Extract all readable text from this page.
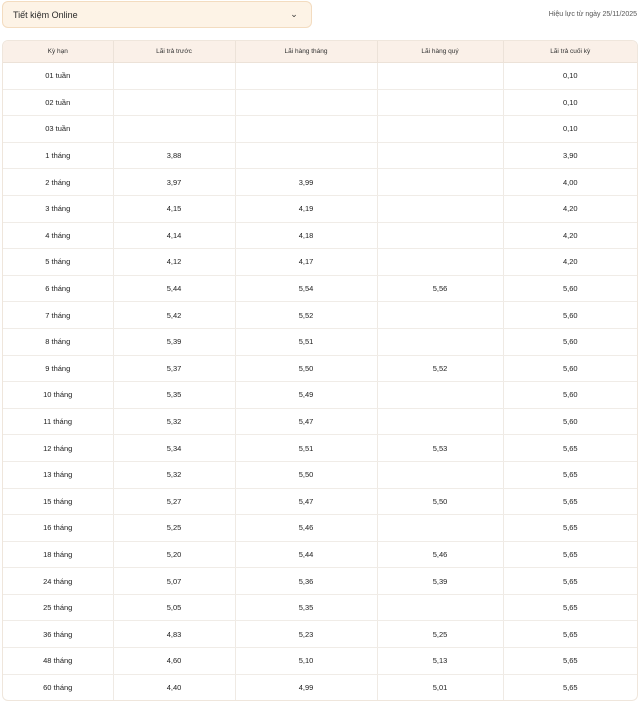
Tiết kiệm Online	⌄	Hiệu lực từ ngày 25/11/2025
Kỳ hạn	Lãi trả trước	Lãi hàng tháng	Lãi hàng quý	Lãi trả cuối kỳ
01 tuần				0,10
02 tuần				0,10
03 tuần				0,10
1 tháng	3,88			3,90
2 tháng	3,97	3,99		4,00
3 tháng	4,15	4,19		4,20
4 tháng	4,14	4,18		4,20
5 tháng	4,12	4,17		4,20
6 tháng	5,44	5,54	5,56	5,60
7 tháng	5,42	5,52		5,60
8 tháng	5,39	5,51		5,60
9 tháng	5,37	5,50	5,52	5,60
10 tháng	5,35	5,49		5,60
11 tháng	5,32	5,47		5,60
12 tháng	5,34	5,51	5,53	5,65
13 tháng	5,32	5,50		5,65
15 tháng	5,27	5,47	5,50	5,65
16 tháng	5,25	5,46		5,65
18 tháng	5,20	5,44	5,46	5,65
24 tháng	5,07	5,36	5,39	5,65
25 tháng	5,05	5,35		5,65
36 tháng	4,83	5,23	5,25	5,65
48 tháng	4,60	5,10	5,13	5,65
60 tháng	4,40	4,99	5,01	5,65
